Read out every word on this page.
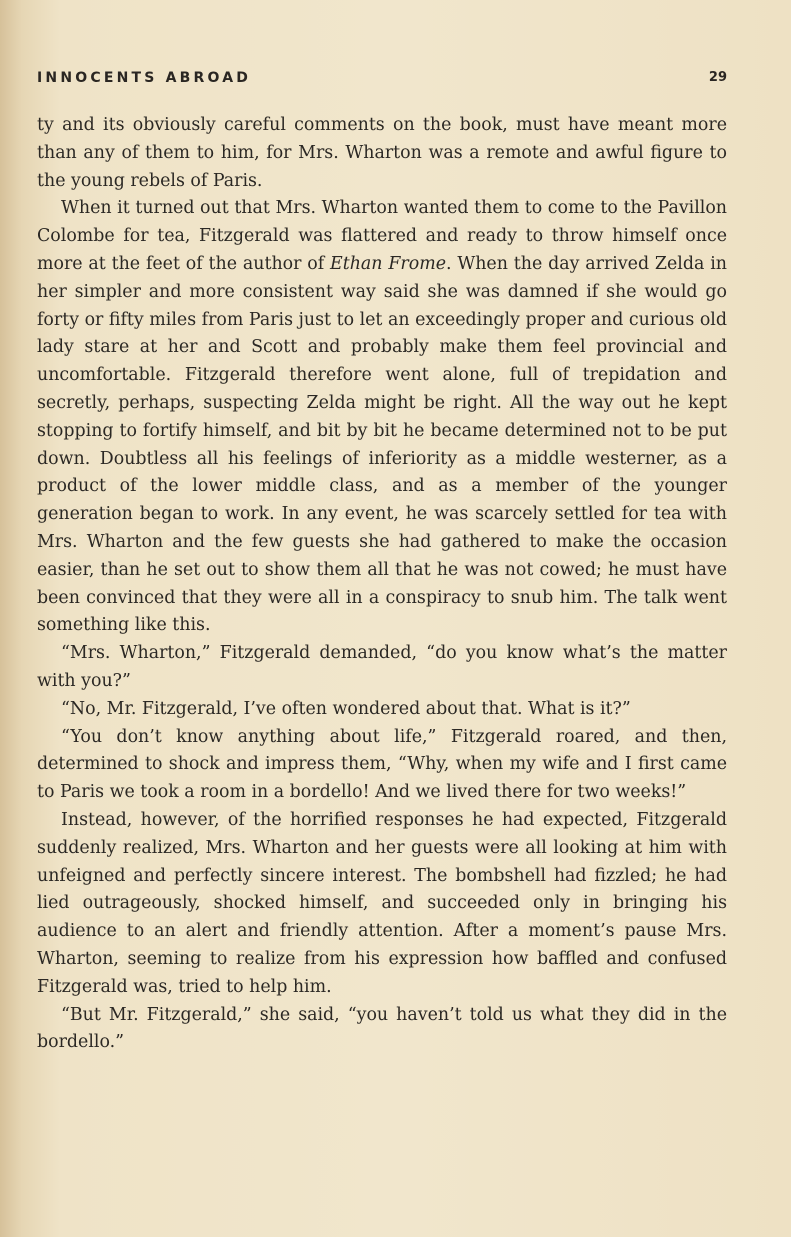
INNOCENTS ABROAD	29

ty and its obviously careful comments on the book, must have meant more than any of them to him, for Mrs. Wharton was a remote and awful figure to the young rebels of Paris.

When it turned out that Mrs. Wharton wanted them to come to the Pavillon Colombe for tea, Fitzgerald was flattered and ready to throw himself once more at the feet of the author of Ethan Frome. When the day arrived Zelda in her simpler and more consistent way said she was damned if she would go forty or fifty miles from Paris just to let an exceedingly proper and curious old lady stare at her and Scott and probably make them feel provincial and uncomfortable. Fitzgerald therefore went alone, full of trepidation and secretly, perhaps, suspecting Zelda might be right. All the way out he kept stopping to fortify himself, and bit by bit he became determined not to be put down. Doubtless all his feelings of inferiority as a middle westerner, as a product of the lower middle class, and as a member of the younger generation began to work. In any event, he was scarcely settled for tea with Mrs. Wharton and the few guests she had gathered to make the occasion easier, than he set out to show them all that he was not cowed; he must have been convinced that they were all in a conspiracy to snub him. The talk went something like this.

“Mrs. Wharton,” Fitzgerald demanded, “do you know what’s the matter with you?”

“No, Mr. Fitzgerald, I’ve often wondered about that. What is it?”

“You don’t know anything about life,” Fitzgerald roared, and then, determined to shock and impress them, “Why, when my wife and I first came to Paris we took a room in a bordello! And we lived there for two weeks!”

Instead, however, of the horrified responses he had expected, Fitzgerald suddenly realized, Mrs. Wharton and her guests were all looking at him with unfeigned and perfectly sincere interest. The bombshell had fizzled; he had lied outrageously, shocked himself, and succeeded only in bringing his audience to an alert and friendly attention. After a moment’s pause Mrs. Wharton, seeming to realize from his expression how baffled and confused Fitzgerald was, tried to help him.

“But Mr. Fitzgerald,” she said, “you haven’t told us what they did in the bordello.”
